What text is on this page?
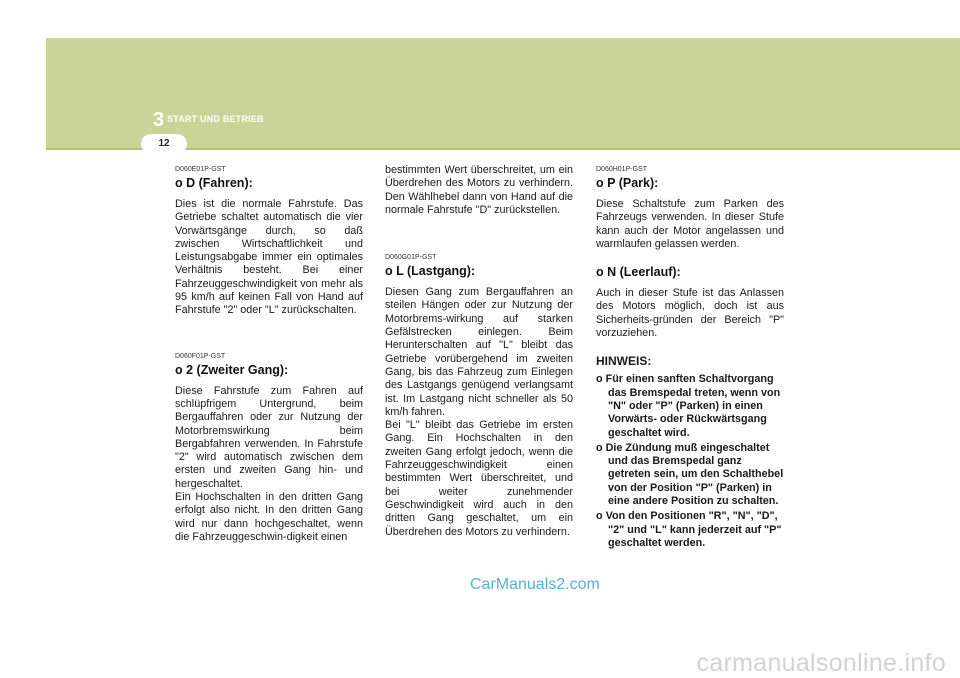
3 START UND BETRIEB
12
D060E01P-GST
o D (Fahren):

Dies ist die normale Fahrstufe. Das Getriebe schaltet automatisch die vier Vorwärtsgänge durch, so daß zwischen Wirtschaftlichkeit und Leistungsabgabe immer ein optimales Verhältnis besteht. Bei einer Fahrzeuggeschwindigkeit von mehr als 95 km/h auf keinen Fall von Hand auf Fahrstufe "2" oder "L" zurückschalten.

D060F01P-GST
o 2 (Zweiter Gang):

Diese Fahrstufe zum Fahren auf schlüpfrigem Untergrund, beim Bergauffahren oder zur Nutzung der Motorbremswirkung beim Bergabfahren verwenden. In Fahrstufe "2" wird automatisch zwischen dem ersten und zweiten Gang hin- und hergeschaltet.
Ein Hochschalten in den dritten Gang erfolgt also nicht. In den dritten Gang wird nur dann hochgeschaltet, wenn die Fahrzeuggeschwin-digkeit einen

bestimmten Wert überschreitet, um ein Überdrehen des Motors zu verhindern. Den Wählhebel dann von Hand auf die normale Fahrstufe "D" zurückstellen.

D060G01P-GST
o L (Lastgang):

Diesen Gang zum Bergauffahren an steilen Hängen oder zur Nutzung der Motorbrems-wirkung auf starken Gefälstrecken einlegen. Beim Herunterschalten auf "L" bleibt das Getriebe vorübergehend im zweiten Gang, bis das Fahrzeug zum Einlegen des Lastgangs genügend verlangsamt ist. Im Lastgang nicht schneller als 50 km/h fahren.
Bei "L" bleibt das Getriebe im ersten Gang. Ein Hochschalten in den zweiten Gang erfolgt jedoch, wenn die Fahrzeuggeschwindigkeit einen bestimmten Wert überschreitet, und bei weiter zunehmender Geschwindigkeit wird auch in den dritten Gang geschaltet, um ein Überdrehen des Motors zu verhindern.

D060H01P-GST
o P (Park):

Diese Schaltstufe zum Parken des Fahrzeugs verwenden. In dieser Stufe kann auch der Motor angelassen und warmlaufen gelassen werden.

o N (Leerlauf):

Auch in dieser Stufe ist das Anlassen des Motors möglich, doch ist aus Sicherheits-gründen der Bereich "P" vorzuziehen.

HINWEIS:

o Für einen sanften Schaltvorgang das Bremspedal treten, wenn von "N" oder "P" (Parken) in einen Vorwärts- oder Rückwärtsgang geschaltet wird.

o Die Zündung muß eingeschaltet und das Bremspedal ganz getreten sein, um den Schalthebel von der Position "P" (Parken) in eine andere Position zu schalten.

o Von den Positionen "R", "N", "D", "2" und "L" kann jederzeit auf "P" geschaltet werden.

CarManuals2.com
carmanualsonline.info
